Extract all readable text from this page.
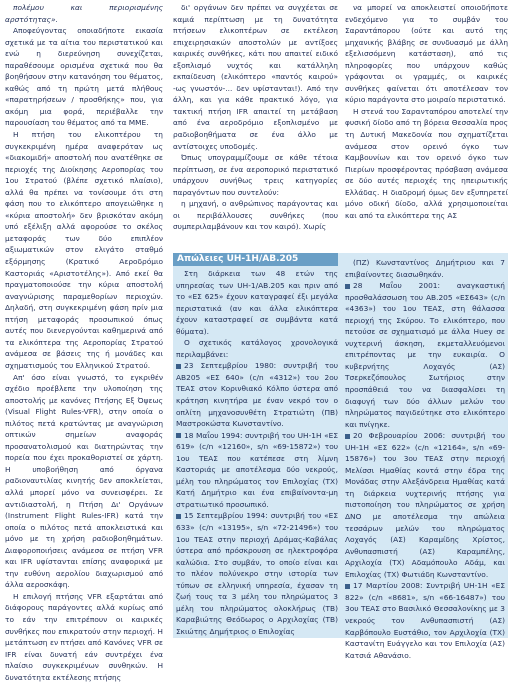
πολέμου και περιορισμένης αρστότητας».

Αποφεύγοντας οποιαδήποτε εικασία σχετικά με τα αίτια του περιστατικού και ενώ η διερεύνηση συνεχίζεται, παραθέσουμε ορισμένα σχετικά που θα βοηθήσουν στην κατανόηση του θέματος, καθώς από τη πρώτη μετά πλήθους «παρατηρήσεων / προσθήκης» που, για ακόμη μια φορά, περιέβαλλε την παρουσίαση του θέματος από τα ΜΜΕ.

Η πτήση του ελικοπτέρου τη συγκεκριμένη ημέρα αναφερόταν ως «διακομιδή» αποστολή που ανατέθηκε σε περιοχές της Διοίκησης Αεροπορίας του 1ου Στρατού (βλέπε σχετικό πλαίσιο), αλλά θα πρέπει να τονίσουμε ότι στη φάση που το ελικόπτερο απογειώθηκε η «κύρια αποστολή» δεν βρισκόταν ακόμη υπό εξέλιξη αλλά αφορούσε το σκέλος μεταφοράς των δύο επιπλέον αξιωματικών στον ελιγάτο σταθμό εξόρμησης (Κρατικό Αεροδρόμιο Καστοριάς «Αριστοτέλης»). Από εκεί θα πραγματοποιούσε την κύρια αποστολή αναγνώρισης παραμεθορίων περιοχών. Δηλαδή, στη συγκεκριμένη φάση πρίν μια πτήση μεταφοράς προσωπικού όπως αυτές που διενεργούνται καθημερινά από τα ελικόπτερα της Αεροπορίας Στρατού ανάμεσα σε βάσεις της ή μονάδες και σχηματισμούς του Ελληνικού Στρατού.

Απ' όσο είναι γνωστό, το εγκριθέν σχέδιο προέβλεπε την υλοποίηση της αποστολής με κανόνες Πτήσης Εξ Όψεως (Visual Flight Rules-VFR), στην οποία ο πιλότος πετά κρατώντας με αναγνώριση οπτικών σημείων αναφοράς προσανατολισμού και διατηρώντας την πορεία που έχει προκαθοριστεί σε χάρτη. Η υποβοήθηση από όργανα ραδιοναυτιλίας κινητής δεν αποκλείεται, αλλά μπορεί μόνο να συνεισφέρει. Σε αντιδιαστολή, η Πτήση Δι' Οργάνων (Instrument Flight Rules-IFR) κατά την οποία ο πιλότος πετά αποκλειστικά και μόνο με τη χρήση ραδιοβοηθημάτων. Διαφοροποιήσεις ανάμεσα σε πτήση VFR και IFR υφίστανται επίσης αναφορικά με την ευθύνη αερολίου διαχωρισμού από άλλα αεροσκάφη.

Η επιλογή πτήσης VFR εξαρτάται από διάφορους παράγοντες αλλά κυρίως από το εάν την επιτρέπουν οι καιρικές συνθήκες που επικρατούν στην περιοχή. Η μετάπτωση εν πτήσει από Κανόνες VFR σε IFR είναι δυνατή εάν συντρέχει ένα πλαίσιο συγκεκριμένων συνθηκών. Η δυνατότητα εκτέλεσης πτήσης

δι' οργάνων δεν πρέπει να συγχέεται σε καμιά περίπτωση με τη δυνατότητα πτήσεων ελικοπτέρων σε εκτέλεση επιχειρησιακών αποστολών με αντίξοες καιρικές συνθήκες, κάτι που απαιτεί ειδικό εξοπλισμό νυχτός και κατάλληλη εκπαίδευση (ελικόπτερο «παντός καιρού» -ως γνωστόν-... δεν υφίστανται!). Από την άλλη, και για κάθε πρακτικό λόγο, για τακτική πτήση IFR απαιτεί τη μετάβαση από ένα αεροδρόμιο εξοπλισμένο με ραδιοβοηθήματα σε ένα άλλο με αντίστοιχες υποδομές.

Όπως υπογραμμίζουμε σε κάθε τέτοια περίπτωση, σε ένα αεροπορικό περιστατικό υπάρχουν συνήθως τρεις κατηγορίες παραγόντων που συντελούν:

η μηχανή, ο ανθρώπινος παράγοντας και οι περιβάλλουσες συνθήκες (που συμπεριλαμβάνουν και τον καιρό). Χωρίς

να μπορεί να αποκλειστεί οποιοδήποτε ενδεχόμενο για το συμβάν του Σαραντάπορου (ούτε και αυτό της μηχανικής βλάβης σε συνδυασμό με άλλη εξελισσόμενη κατάσταση), από τις πληροφορίες που υπάρχουν καθώς γράφονται οι γραμμές, οι καιρικές συνθήκες φαίνεται ότι αποτέλεσαν τον κύριο παράγοντα στο μοιραίο περιστατικό.

Η στενά του Σαρανταπόρου αποτελεί την φυσική δίοδο από τη βόρεια Θεσσαλία προς τη Δυτική Μακεδονία που σχηματίζεται ανάμεσα στον ορεινό όγκο των Καμβουνίων και τον ορεινό όγκο των Πιερίων προσφέροντας πρόσβαση ανάμεσα σε δύο αυτές περιοχές της ηπειρωτικής Ελλάδας. Η διαδρομή όμως δεν εξυπηρετεί μόνο οδική δίοδο, αλλά χρησιμοποιείται και από τα ελικόπτερα της ΑΣ

Απώλειες UH-1H/AB.205

Στη διάρκεια των 48 ετών της υπηρεσίας των UH-1/AB.205 και πριν από το «ΕΣ 625» έχουν καταγραφεί έξι μεγάλα περιστατικά (αν και άλλα ελικόπτερα έχουν καταστραφεί σε συμβάντα κατά θύματα).

Ο σχετικός κατάλογος χρονολογικά περιλαμβάνει:

23 Σεπτεμβρίου 1980: συντριβή του AB205 «ΕΣ 640» (c/n «4312») του 2ου ΤΕΑΣ στον Κορινθιακό Κόλπο ύστερα από κράτηση κινητήρα με έναν νεκρό τον ο οπλίτη μηχανοσυνθέτη Στρατιώτη (ΠΒ) Μαστροκώστα Κωνσταντίνο.

18 Μαΐου 1994: συντριβή του UH-1H «ΕΣ 619» (c/n «12160», s/n «69-15872») του 1ου ΤΕΑΣ που κατέπεσε στη λίμνη Καστοριάς με αποτέλεσμα δύο νεκρούς, μέλη του πληρώματος τον Επιλοχίας (ΤΧ) Κατή Δημήτριο και ένα επιβαίνοντα-μη στρατιωτικό προσωπικό.

15 Σεπτεμβρίου 1994: συντριβή του «ΕΣ 633» (c/n «13195», s/n «72-21496») του 1ου ΤΕΑΣ στην περιοχή Δράμας-Καβάλας ύστερα από πρόσκρουση σε ηλεκτροφόρα καλώδια. Στο συμβάν, το οποίο είναι και το πλέον πολύνεκρο στην ιστορία των τύπων σε ελληνική υπηρεσία, έχασαν τη ζωή τους τα 3 μέλη του πληρώματος 3 μέλη του πληρώματος ολοκλήρως (ΤΒ) Καραβιώτης Θεόδωρος ο Αρχιλοχίας (ΤΒ) Σκιώτης Δημήτριος ο Επιλοχίας

(ΠΖ) Κωνσταντίνος Δημήτριου και 7 επιβαίνοντες διασωθηκάν.

28 Μαΐου 2001: αναγκαστική προσθαλάσσωση του ΑΒ.205 «ΕΣ643» (c/n «4363») του 1ου ΤΕΑΣ, στη θάλασσα περιοχή της Σκύρου. Το ελικόπτερο, που πετούσε σε σχηματισμό με άλλα Huey σε νυχτερινή άσκηση, εκμεταλλευόμενοι επιτρέποντας με την ευκαιρία. Ο κυβερνήτης Λοχαγός (ΑΣ) Τσερκεζόπουλος Σωτήριος στην προσπάθειά του να διασφαλίσει τη διαφυγή των δύο άλλων μελών του πληρώματος παγιδεύτηκε στο ελικόπτερο και πνίγηκε.

20 Φεβρουαρίου 2006: συντριβή του UH-1H «ΕΣ 622» (c/n «12164», s/n «69-15876») του 3ου ΤΕΑΣ στην περιοχή Μελίσσι Ημαθίας κοντά στην έδρα της Μονάδας στην Αλεξάνδρεια Ημαθίας κατά τη διάρκεια νυχτερινής πτήσης για πιστοποίηση του πληρώματος σε χρήση ΔΝΟ με αποτέλεσμα την απώλεια τεσσάρων μελών του πληρώματος Λοχαγός (ΑΣ) Καραμίδης Χρίστος, Ανθυπασπιστή (ΑΣ) Καραμπέλης, Αρχιλοχία (ΤΧ) Αδαμόπουλο Αδάμ, και Επιλοχίας (ΤΧ) Φωτιάδη Κωνσταντίνο.

17 Μαρτίου 2008: Συντριβή UH-1H «ΕΣ 822» (c/n «8681», s/n «66-16487») του 3ου ΤΕΑΣ στο Βασιλικό Θεσσαλονίκης με 3 νεκρούς τον Ανθυπασπιστή (ΑΣ) Καρβόπουλο Ευστάθιο, τον Αρχιλοχία (ΤΧ) Καστανίτη Ευάγγελο και τον Επιλοχία (ΑΣ) Κατσιά Αθανάσιο.
